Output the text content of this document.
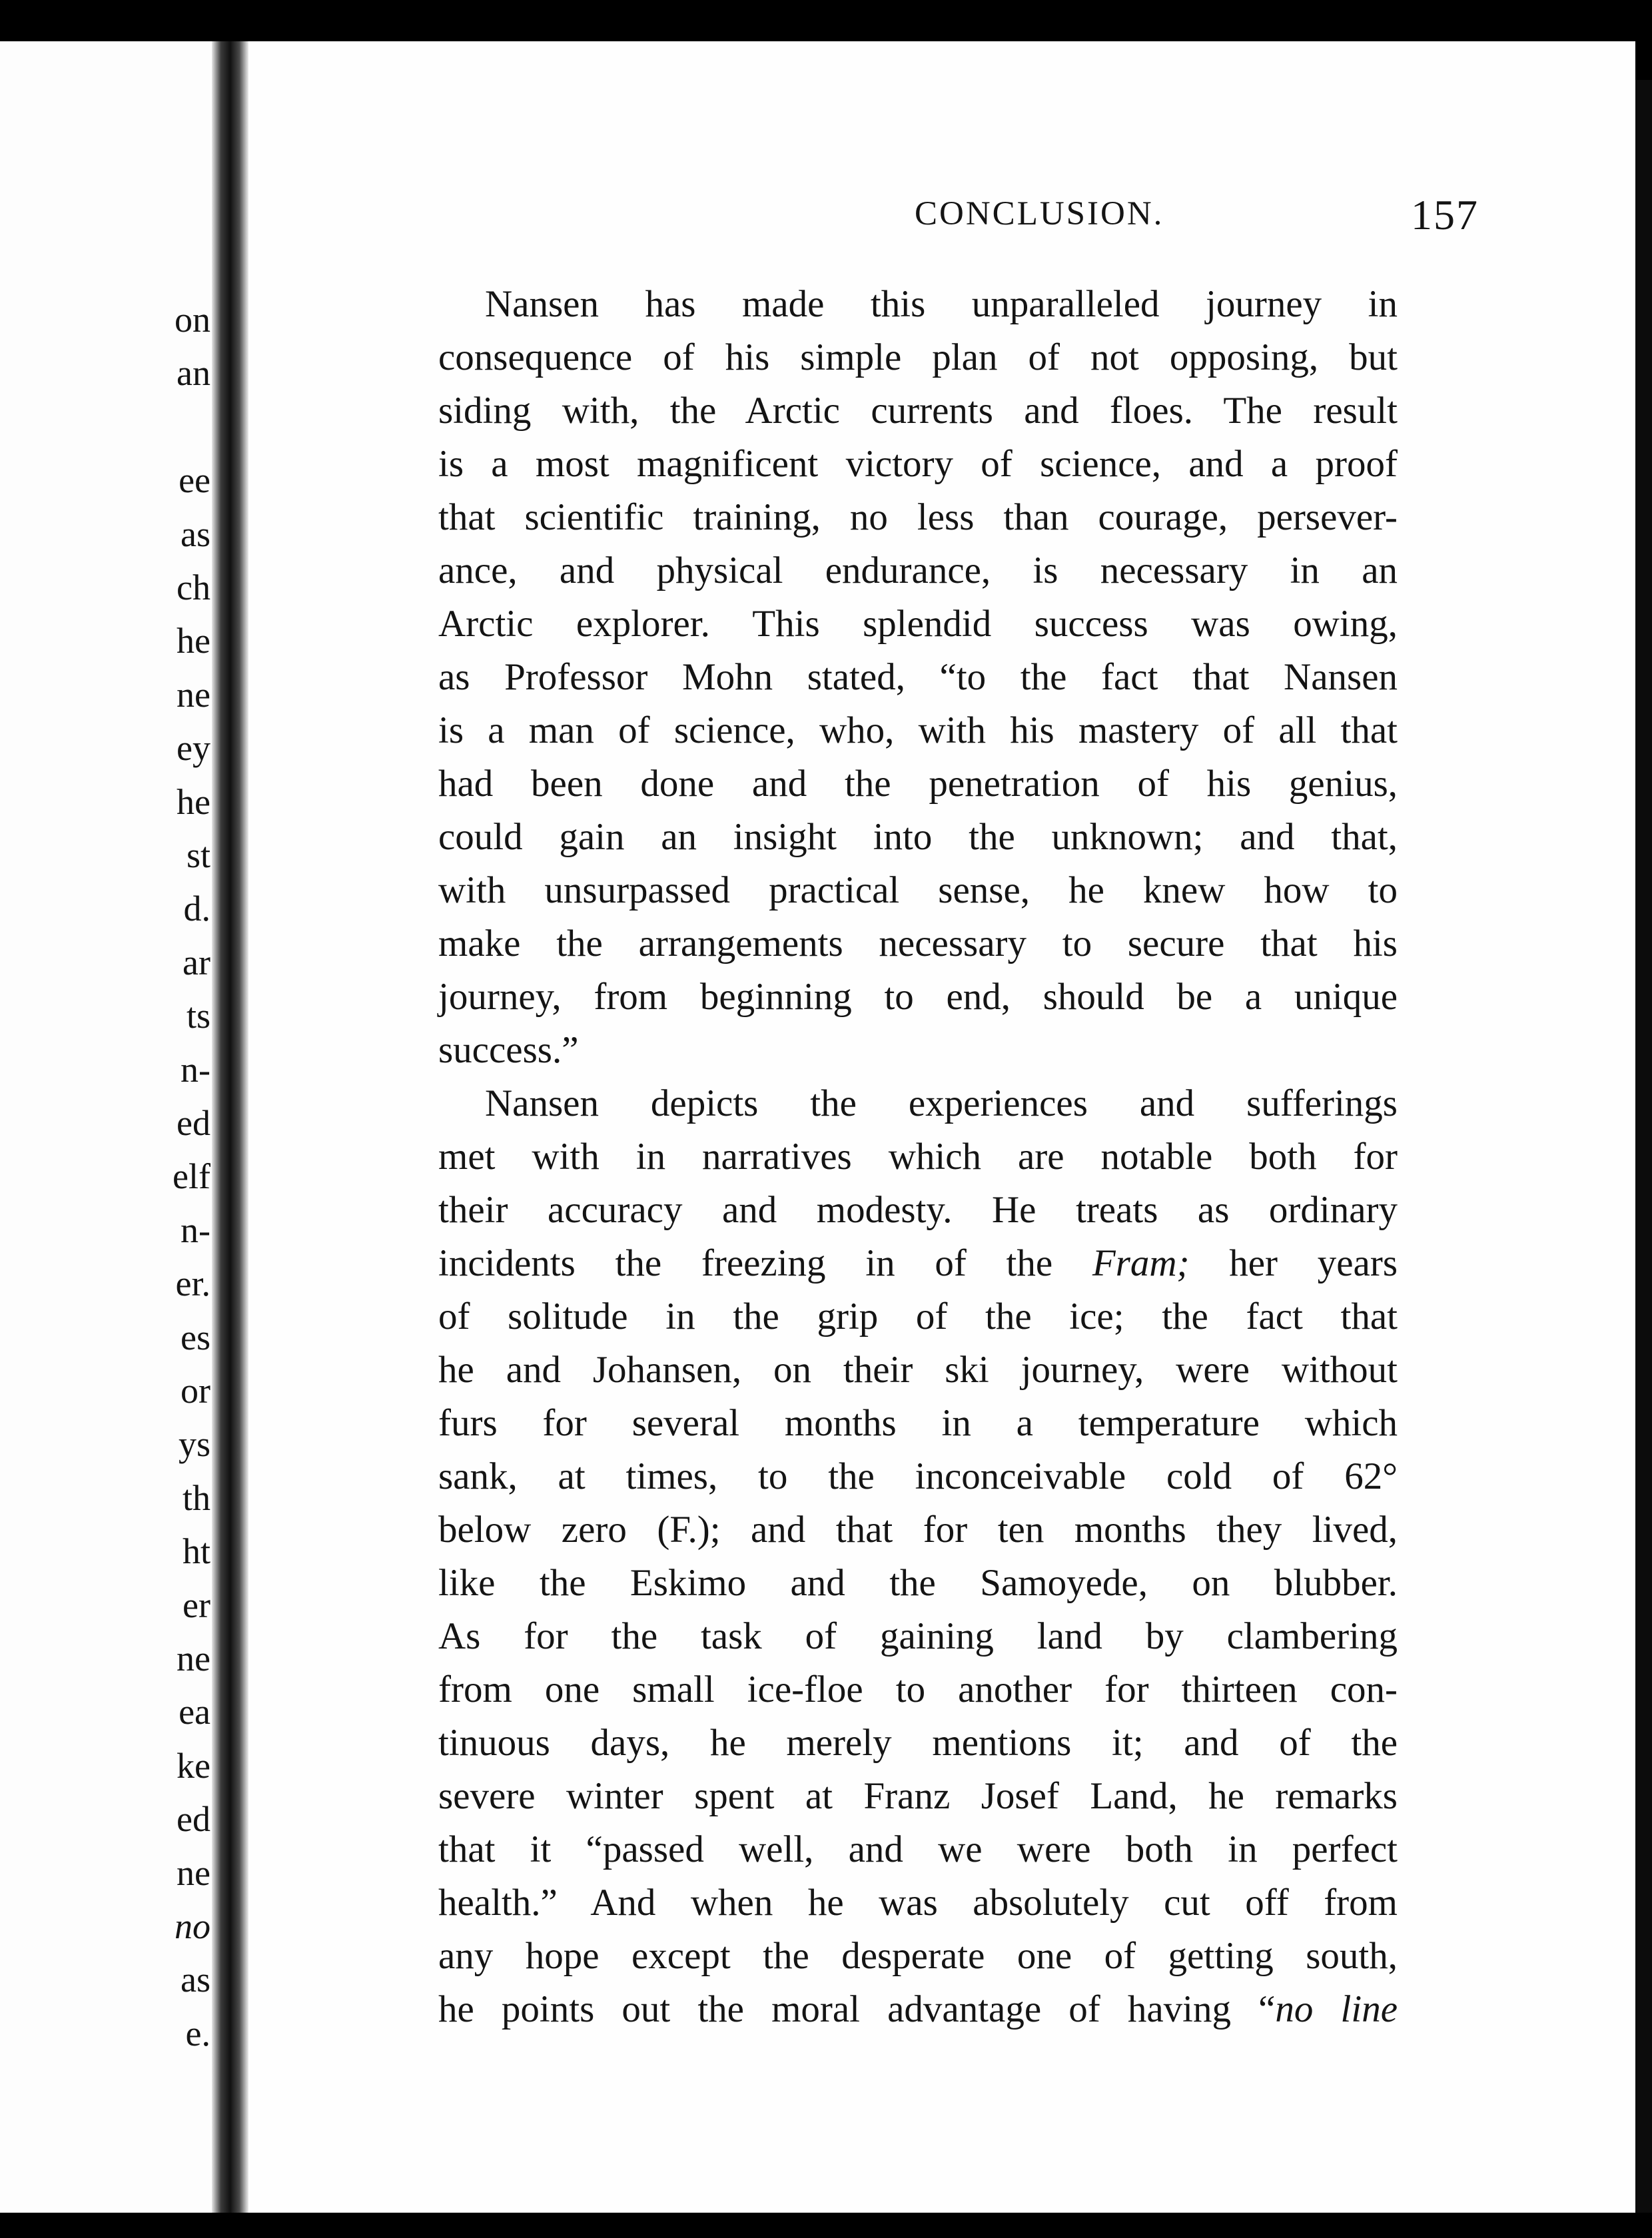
on

an

ee

as

ch

he

ne

ey

he

st

d.

ar

ts

n-

ed

elf

n-

er.

es

or

ys

th

ht

er

ne

ea

ke

ed

ne

no

as

e.

CONCLUSION.	157

Nansen has made this unparalleled journey in
consequence of his simple plan of not opposing, but
siding with, the Arctic currents and floes. The result
is a most magnificent victory of science, and a proof
that scientific training, no less than courage, persever-
ance, and physical endurance, is necessary in an
Arctic explorer. This splendid success was owing,
as Professor Mohn stated, “to the fact that Nansen
is a man of science, who, with his mastery of all that
had been done and the penetration of his genius,
could gain an insight into the unknown; and that,
with unsurpassed practical sense, he knew how to
make the arrangements necessary to secure that his
journey, from beginning to end, should be a unique
success.”
Nansen depicts the experiences and sufferings
met with in narratives which are notable both for
their accuracy and modesty. He treats as ordinary
incidents the freezing in of the Fram; her years
of solitude in the grip of the ice; the fact that
he and Johansen, on their ski journey, were without
furs for several months in a temperature which
sank, at times, to the inconceivable cold of 62°
below zero (F.); and that for ten months they lived,
like the Eskimo and the Samoyede, on blubber.
As for the task of gaining land by clambering
from one small ice-floe to another for thirteen con-
tinuous days, he merely mentions it; and of the
severe winter spent at Franz Josef Land, he remarks
that it “passed well, and we were both in perfect
health.” And when he was absolutely cut off from
any hope except the desperate one of getting south,
he points out the moral advantage of having “no line
